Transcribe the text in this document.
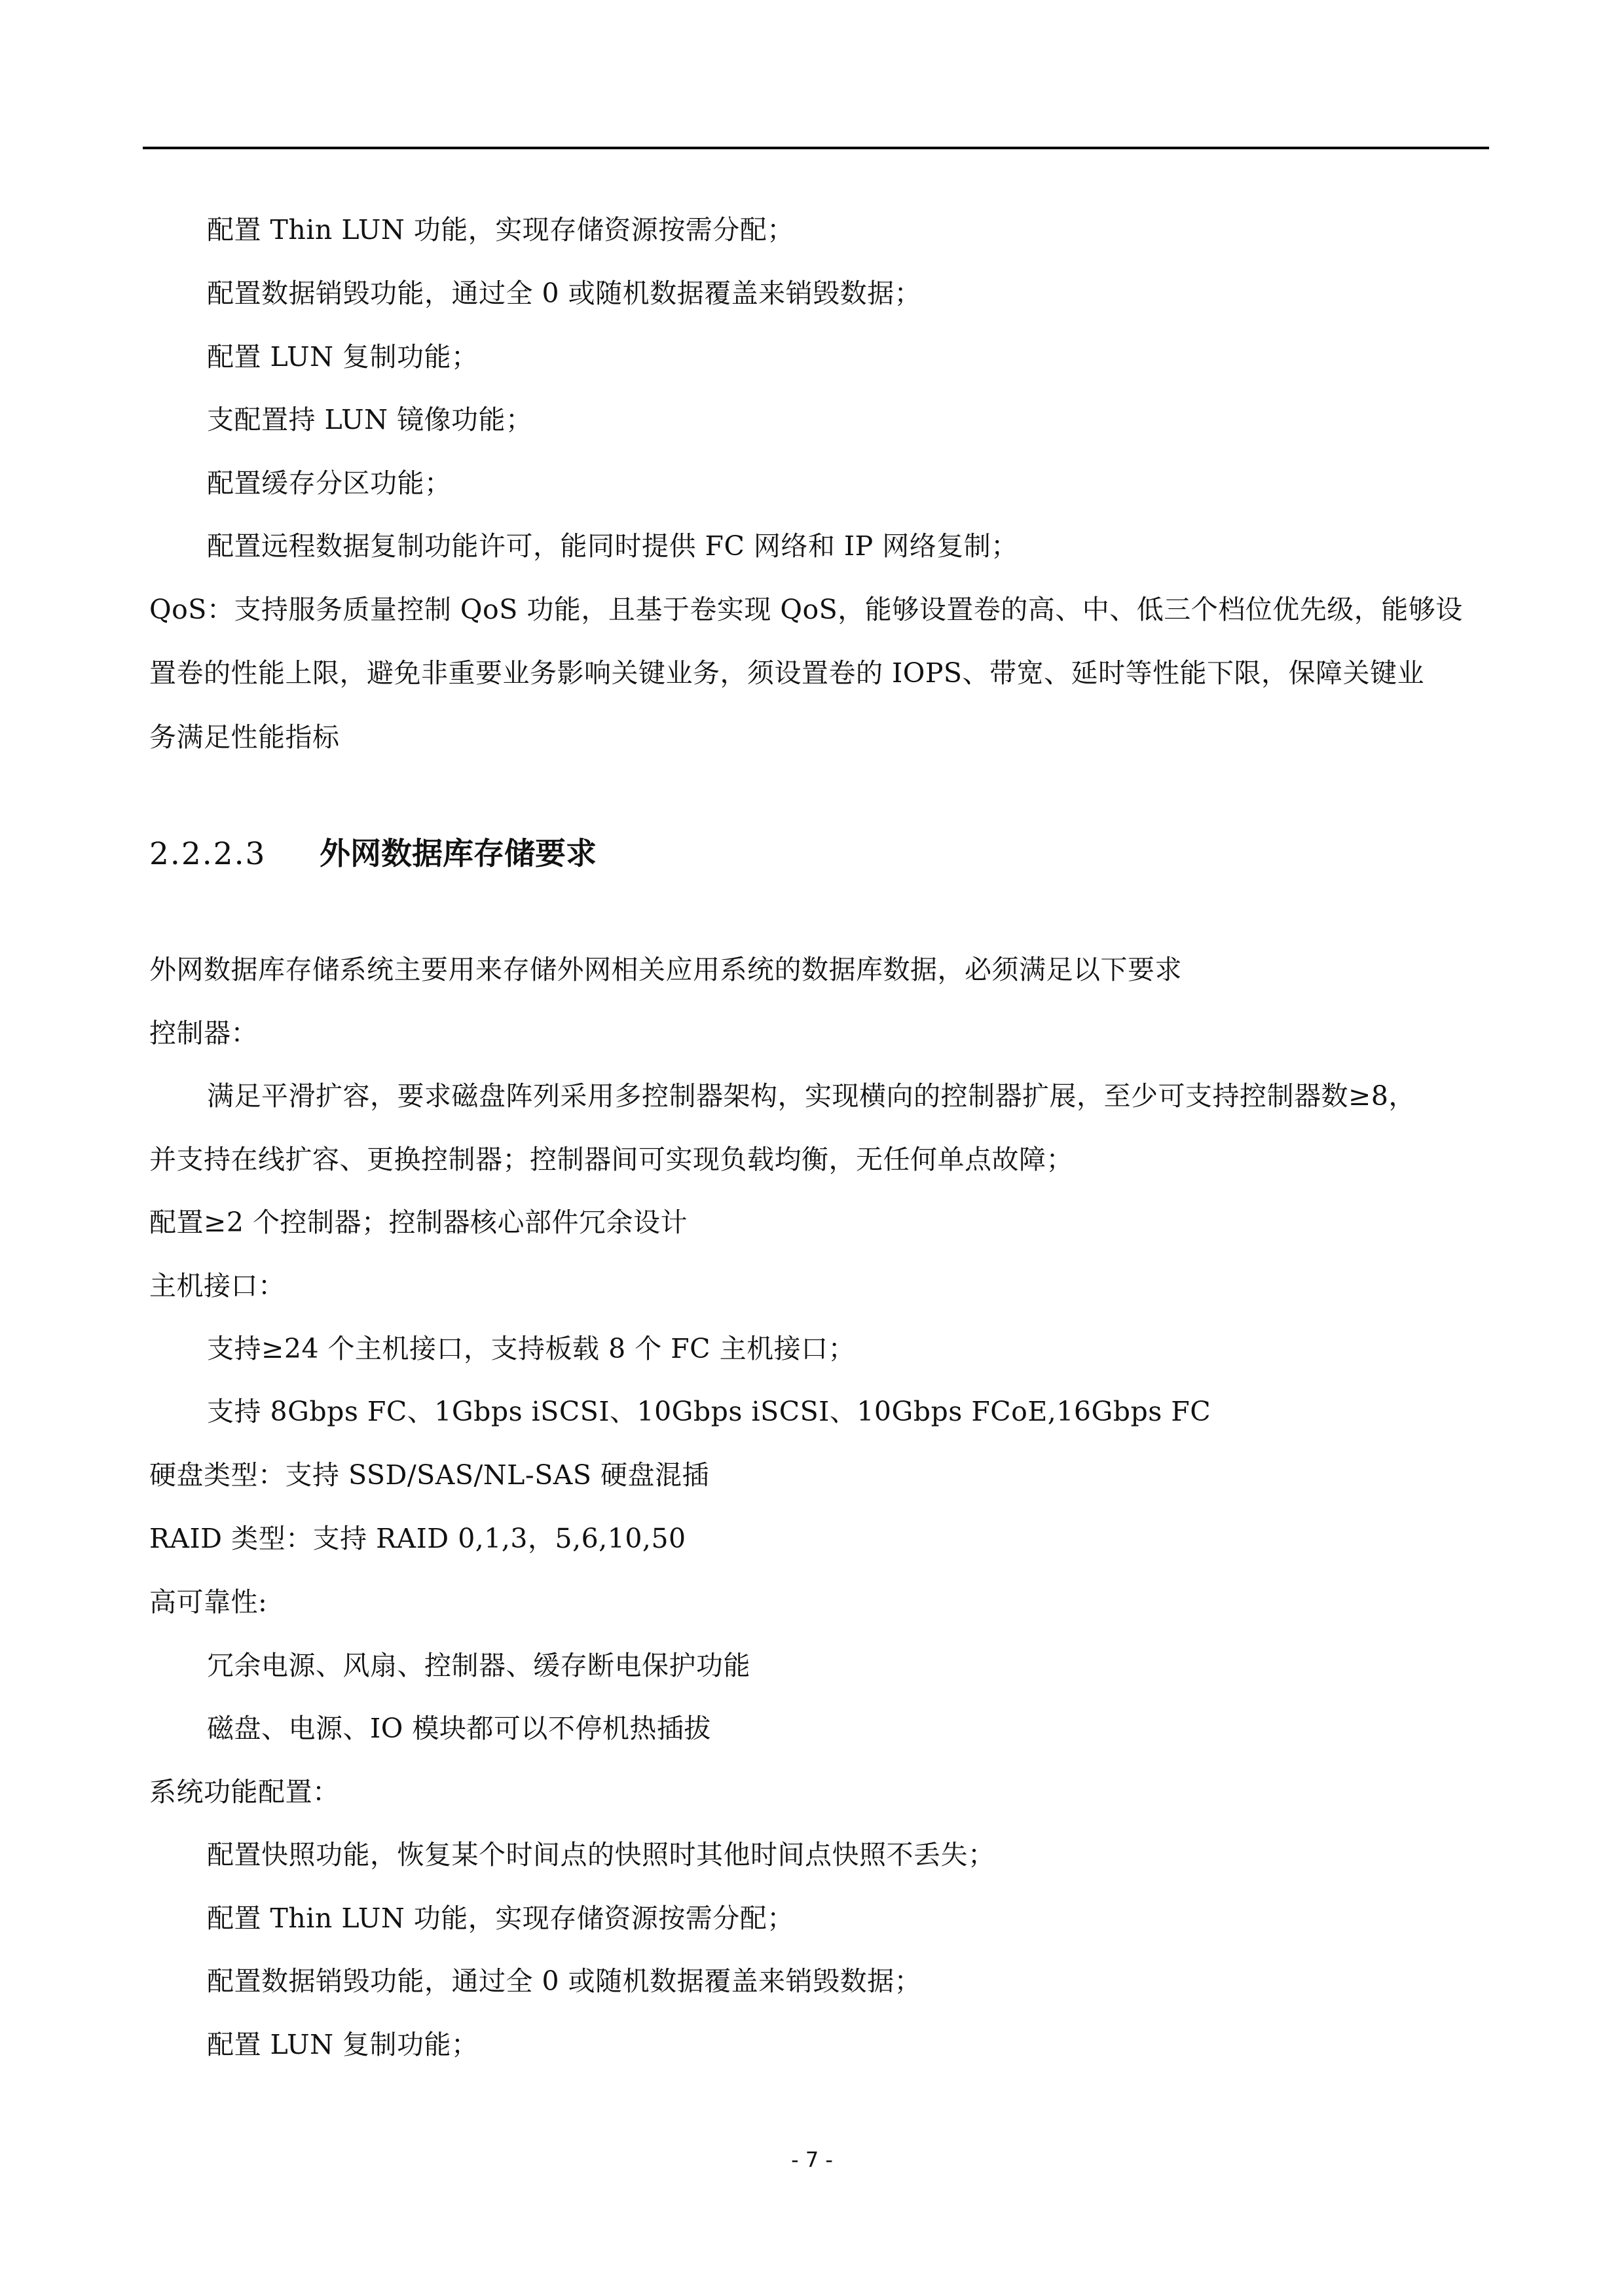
配置 Thin LUN 功能，实现存储资源按需分配；
配置数据销毁功能，通过全 0 或随机数据覆盖来销毁数据；
配置 LUN 复制功能；
支配置持 LUN 镜像功能；
配置缓存分区功能；
配置远程数据复制功能许可，能同时提供 FC 网络和 IP 网络复制；
QoS：支持服务质量控制 QoS 功能，且基于卷实现 QoS，能够设置卷的高、中、低三个档位优先级，能够设
置卷的性能上限，避免非重要业务影响关键业务，须设置卷的 IOPS、带宽、延时等性能下限，保障关键业
务满足性能指标
2.2.2.3 外网数据库存储要求
外网数据库存储系统主要用来存储外网相关应用系统的数据库数据，必须满足以下要求
控制器：
满足平滑扩容，要求磁盘阵列采用多控制器架构，实现横向的控制器扩展，至少可支持控制器数≥8，
并支持在线扩容、更换控制器；控制器间可实现负载均衡，无任何单点故障；
配置≥2 个控制器；控制器核心部件冗余设计
主机接口：
支持≥24 个主机接口，支持板载 8 个 FC 主机接口；
支持 8Gbps FC、1Gbps iSCSI、10Gbps iSCSI、10Gbps FCoE,16Gbps FC
硬盘类型：支持 SSD/SAS/NL-SAS 硬盘混插
RAID 类型：支持 RAID 0,1,3，5,6,10,50
高可靠性:
冗余电源、风扇、控制器、缓存断电保护功能
磁盘、电源、IO 模块都可以不停机热插拔
系统功能配置：
配置快照功能，恢复某个时间点的快照时其他时间点快照不丢失；
配置 Thin LUN 功能，实现存储资源按需分配；
配置数据销毁功能，通过全 0 或随机数据覆盖来销毁数据；
配置 LUN 复制功能；
- 7 -
